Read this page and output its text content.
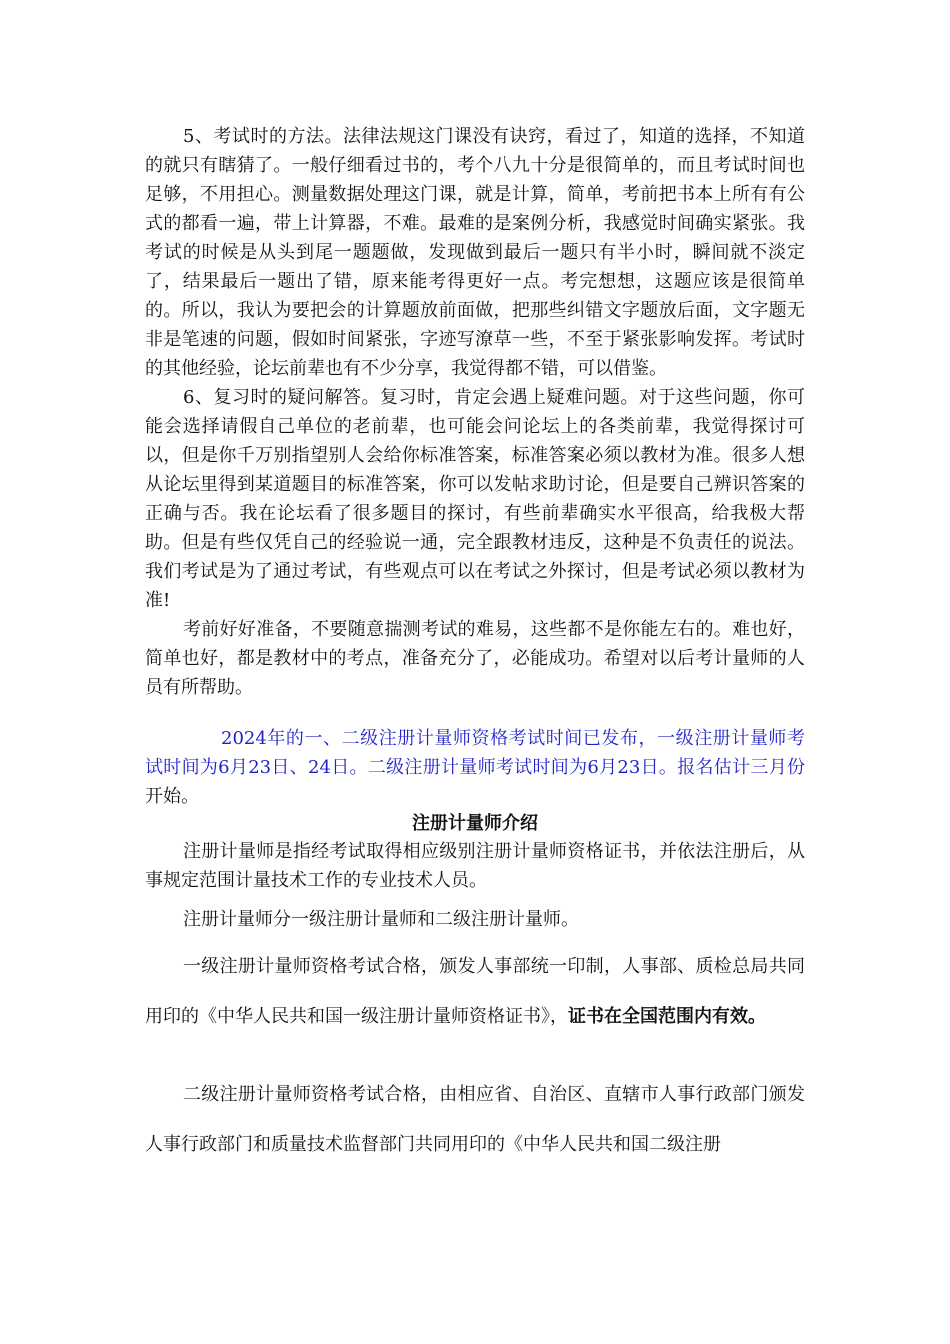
5、考试时的方法。法律法规这门课没有诀窍，看过了，知道的选择，不知道的就只有瞎猜了。一般仔细看过书的，考个八九十分是很简单的，而且考试时间也足够，不用担心。测量数据处理这门课，就是计算，简单，考前把书本上所有有公式的都看一遍，带上计算器，不难。最难的是案例分析，我感觉时间确实紧张。我考试的时候是从头到尾一题题做，发现做到最后一题只有半小时，瞬间就不淡定了，结果最后一题出了错，原来能考得更好一点。考完想想，这题应该是很简单的。所以，我认为要把会的计算题放前面做，把那些纠错文字题放后面，文字题无非是笔速的问题，假如时间紧张，字迹写潦草一些，不至于紧张影响发挥。考试时的其他经验，论坛前辈也有不少分享，我觉得都不错，可以借鉴。

6、复习时的疑问解答。复习时，肯定会遇上疑难问题。对于这些问题，你可能会选择请假自己单位的老前辈，也可能会问论坛上的各类前辈，我觉得探讨可以，但是你千万别指望别人会给你标准答案，标准答案必须以教材为准。很多人想从论坛里得到某道题目的标准答案，你可以发帖求助讨论，但是要自己辨识答案的正确与否。我在论坛看了很多题目的探讨，有些前辈确实水平很高，给我极大帮助。但是有些仅凭自己的经验说一通，完全跟教材违反，这种是不负责任的说法。我们考试是为了通过考试，有些观点可以在考试之外探讨，但是考试必须以教材为准!

考前好好准备，不要随意揣测考试的难易，这些都不是你能左右的。难也好，简单也好，都是教材中的考点，准备充分了，必能成功。希望对以后考计量师的人员有所帮助。

2024年的一、二级注册计量师资格考试时间已发布，一级注册计量师考试时间为6月23日、24日。二级注册计量师考试时间为6月23日。报名估计三月份开始。

注册计量师介绍

注册计量师是指经考试取得相应级别注册计量师资格证书，并依法注册后，从事规定范围计量技术工作的专业技术人员。

注册计量师分一级注册计量师和二级注册计量师。

一级注册计量师资格考试合格，颁发人事部统一印制，人事部、质检总局共同用印的《中华人民共和国一级注册计量师资格证书》，证书在全国范围内有效。

二级注册计量师资格考试合格，由相应省、自治区、直辖市人事行政部门颁发人事行政部门和质量技术监督部门共同用印的《中华人民共和国二级注册
